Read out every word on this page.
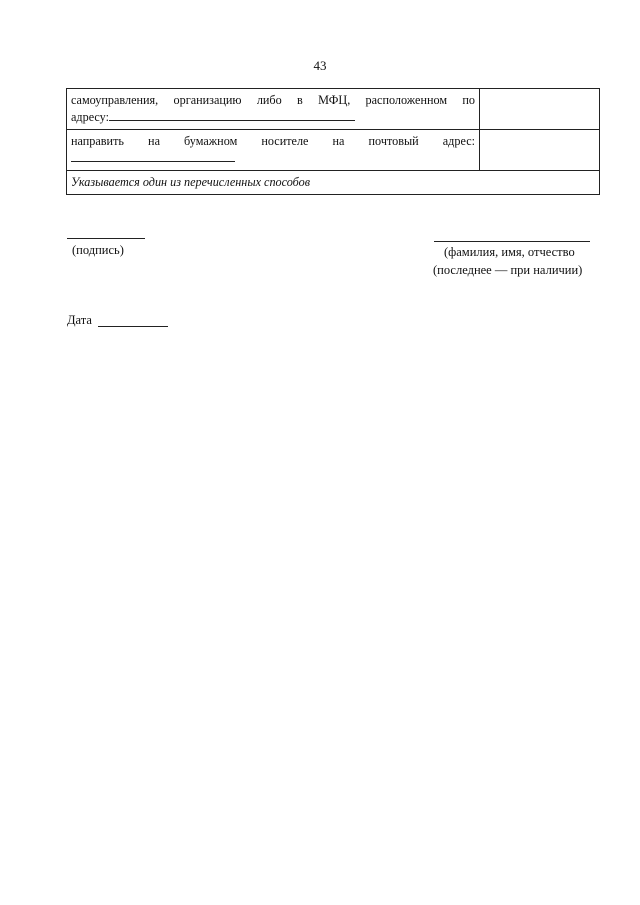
43
самоуправления, организацию либо в МФЦ, расположенном по
адресу:	

направить на бумажном носителе на почтовый адрес:	

Указывается один из перечисленных способов	
(подпись)	(фамилия, имя, отчество
(последнее — при наличии)
Дата
